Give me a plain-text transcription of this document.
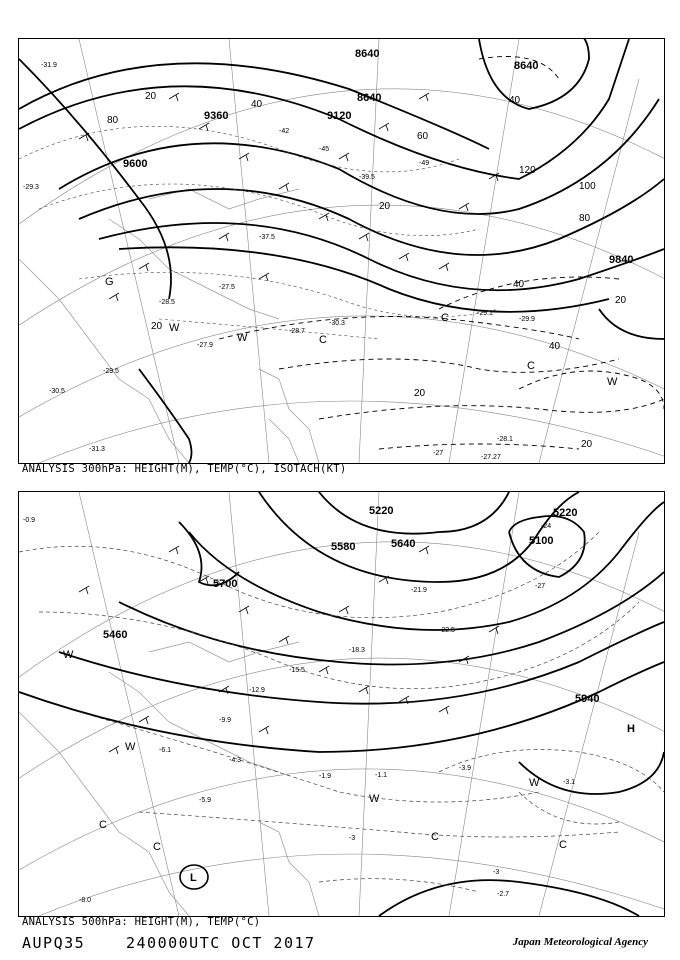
8640
8640
8640
9120
9360
9600
9840
20
40
60
80
100
120
20
40
80
40
20
20
40
20
20
-31.9
-29.9
-28.5
-27.5
-30.3
-29.1
-29.5
-31.3
-28.7
-27.9
-29.3
-30.5
-28.1
-27
-27.27
-45
-49
-42
-39.5
-37.5
C
C
C
W
W
W
G
ANALYSIS 300hPa: HEIGHT(M), TEMP(°C), ISOTACH(KT)
5220	5220
5580
5700
5940
5640	5100
5460
-3
-3
-3.9
-1.1
-2.7
-4.3
-5.9
-27
-24
-21.9
-22.5
-18.3
-15.5
-12.9
-9.9
-6.1
-3.1
-1.9
-0.9
-8.0
C
C
C
C
W
W
W
W
L
H
ANALYSIS 500hPa: HEIGHT(M), TEMP(°C)
AUPQ35	240000UTC OCT 2017	Japan Meteorological Agency
